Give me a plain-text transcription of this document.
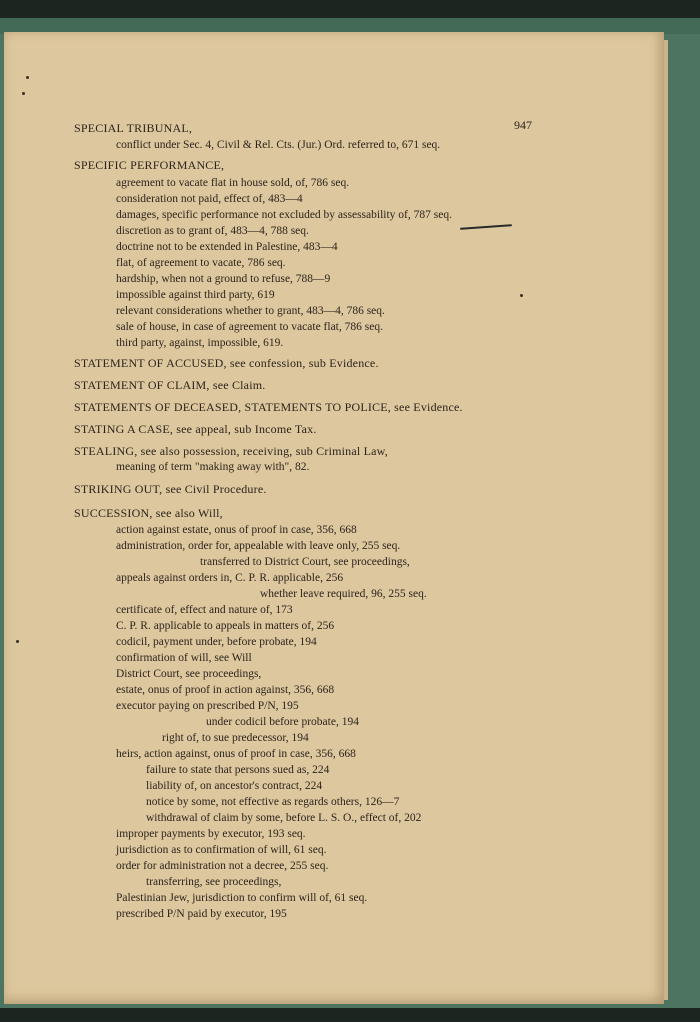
947
SPECIAL TRIBUNAL,
conflict under Sec. 4, Civil & Rel. Cts. (Jur.) Ord. referred to, 671 seq.
SPECIFIC PERFORMANCE,
agreement to vacate flat in house sold, of, 786 seq.
consideration not paid, effect of, 483—4
damages, specific performance not excluded by assessability of, 787 seq.
discretion as to grant of, 483—4, 788 seq.
doctrine not to be extended in Palestine, 483—4
flat, of agreement to vacate, 786 seq.
hardship, when not a ground to refuse, 788—9
impossible against third party, 619
relevant considerations whether to grant, 483—4, 786 seq.
sale of house, in case of agreement to vacate flat, 786 seq.
third party, against, impossible, 619.
STATEMENT OF ACCUSED, see confession, sub Evidence.
STATEMENT OF CLAIM, see Claim.
STATEMENTS OF DECEASED, STATEMENTS TO POLICE, see Evidence.
STATING A CASE, see appeal, sub Income Tax.
STEALING, see also possession, receiving, sub Criminal Law,
meaning of term "making away with", 82.
STRIKING OUT, see Civil Procedure.
SUCCESSION, see also Will,
action against estate, onus of proof in case, 356, 668
administration, order for, appealable with leave only, 255 seq.
transferred to District Court, see proceedings,
appeals against orders in, C. P. R. applicable, 256
whether leave required, 96, 255 seq.
certificate of, effect and nature of, 173
C. P. R. applicable to appeals in matters of, 256
codicil, payment under, before probate, 194
confirmation of will, see Will
District Court, see proceedings,
estate, onus of proof in action against, 356, 668
executor paying on prescribed P/N, 195
under codicil before probate, 194
right of, to sue predecessor, 194
heirs, action against, onus of proof in case, 356, 668
failure to state that persons sued as, 224
liability of, on ancestor's contract, 224
notice by some, not effective as regards others, 126—7
withdrawal of claim by some, before L. S. O., effect of, 202
improper payments by executor, 193 seq.
jurisdiction as to confirmation of will, 61 seq.
order for administration not a decree, 255 seq.
transferring, see proceedings,
Palestinian Jew, jurisdiction to confirm will of, 61 seq.
prescribed P/N paid by executor, 195
